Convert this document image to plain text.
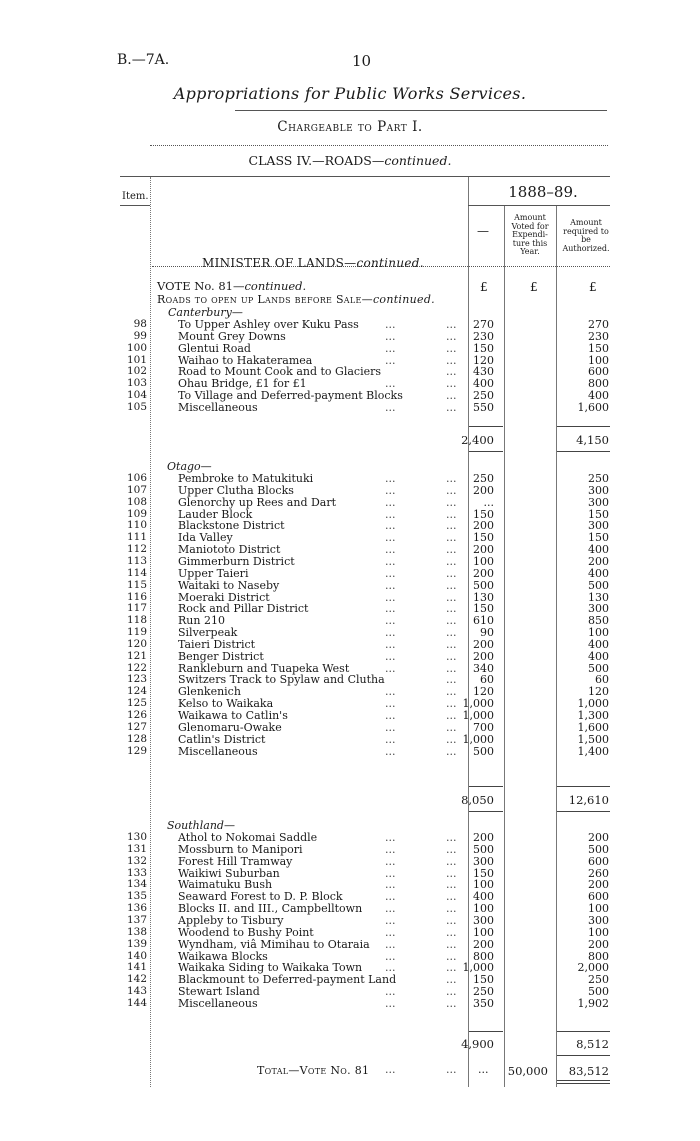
B.—7A.	10
Appropriations for Public Works Services.
Chargeable to Part I.
CLASS IV.—ROADS—continued.
Item.	1888–89.
—
Amount Voted for Expendi- ture this Year.
Amount required to be Authorized.
MINISTER OF LANDS—continued.
£	£	£
VOTE No. 81—continued.
Roads to open up Lands before Sale—continued.
Canterbury—
98	To Upper Ashley over Kuku Pass ...	... 270	270
99	Mount Grey Downs	...	... 230	230
100	Glentui Road	...	... 150	150
101	Waihao to Hakateramea	...	... 120	100
102	Road to Mount Cook and to Glaciers	... 430	600
103	Ohau Bridge, £1 for £1	...	... 400	800
104	To Village and Deferred-payment Blocks	... 250	400
105	Miscellaneous	...	... 550	1,600
2,400	4,150
Otago—
106	Pembroke to Matukituki	...	... 250	250
107	Upper Clutha Blocks	...	... 200	300
108	Glenorchy up Rees and Dart	...	... ...	300
109	Lauder Block	...	... 150	150
110	Blackstone District	...	... 200	300
111	Ida Valley	...	... 150	150
112	Maniototo District	...	... 200	400
113	Gimmerburn District	...	... 100	200
114	Upper Taieri	...	... 200	400
115	Waitaki to Naseby	...	... 500	500
116	Moeraki District	...	... 130	130
117	Rock and Pillar District	...	... 150	300
118	Run 210	...	... 610	850
119	Silverpeak	...	... 90	100
120	Taieri District	...	... 200	400
121	Benger District	...	... 200	400
122	Rankleburn and Tuapeka West	...	... 340	500
123	Switzers Track to Spylaw and Clutha	... 60	60
124	Glenkenich	...	... 120	120
125	Kelso to Waikaka	...	... 1,000	1,000
126	Waikawa to Catlin's	...	... 1,000	1,300
127	Glenomaru-Owake	...	... 700	1,600
128	Catlin's District	...	... 1,000	1,500
129	Miscellaneous	...	... 500	1,400
8,050	12,610
Southland—
130	Athol to Nokomai Saddle	...	... 200	200
131	Mossburn to Manipori	...	... 500	500
132	Forest Hill Tramway	...	... 300	600
133	Waikiwi Suburban	...	... 150	260
134	Waimatuku Bush	...	... 100	200
135	Seaward Forest to D. P. Block	...	... 400	600
136	Blocks II. and III., Campbelltown ...	... 100	100
137	Appleby to Tisbury	...	... 300	300
138	Woodend to Bushy Point	...	... 100	100
139	Wyndham, viâ Mimihau to Otaraia ...	... 200	200
140	Waikawa Blocks	...	... 800	800
141	Waikaka Siding to Waikaka Town ...	... 1,000	2,000
142	Blackmount to Deferred-payment Land	... 150	250
143	Stewart Island	...	... 250	500
144	Miscellaneous	...	... 350	1,902
4,900	8,512
Total—Vote No. 81 ...	... ... 50,000 83,512
